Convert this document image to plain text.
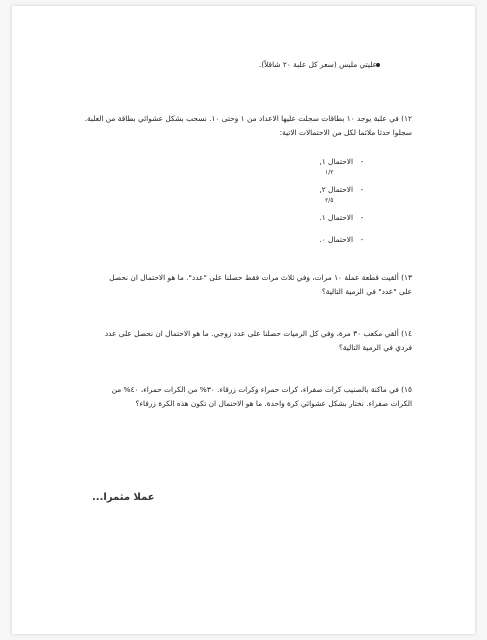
عليتي ملبس (سعر كل علبة ٢٠ شاقلاً).
١٢) في علبة يوجد ١٠ بطاقات سجلت عليها الاعداد من ١ وحتى ١٠. نسحب بشكل عشوائي بطاقة من العلبة. سجلوا حدثا ملائما لكل من الاحتمالات الاتية:
-الاحتمال ١,
١/٢
-الاحتمال ٢,
٢/٥
-الاحتمال ١.
-الاحتمال ٠.
١٣) ألقيت قطعة عملة ١٠ مرات، وفي ثلاث مرات فقط حصلنا على "عدد". ما هو الاحتمال ان نحصل على "عدد" في الرمية التالية؟
١٤) ألقي مكعب ٣٠ مرة، وفي كل الرميات حصلنا على عدد زوجي. ما هو الاحتمال ان نحصل على عدد فردي في الرمية التالية؟
١٥) في ماكنة بالصنيب كرات صفراء، كرات حمراء وكرات زرقاء. ٣٠% من الكرات حمراء، ٤٠% من الكرات صفراء. نختار بشكل عشوائي كرة واحدة. ما هو الاحتمال ان تكون هذه الكرة زرقاء؟
عملا مثمرا...
